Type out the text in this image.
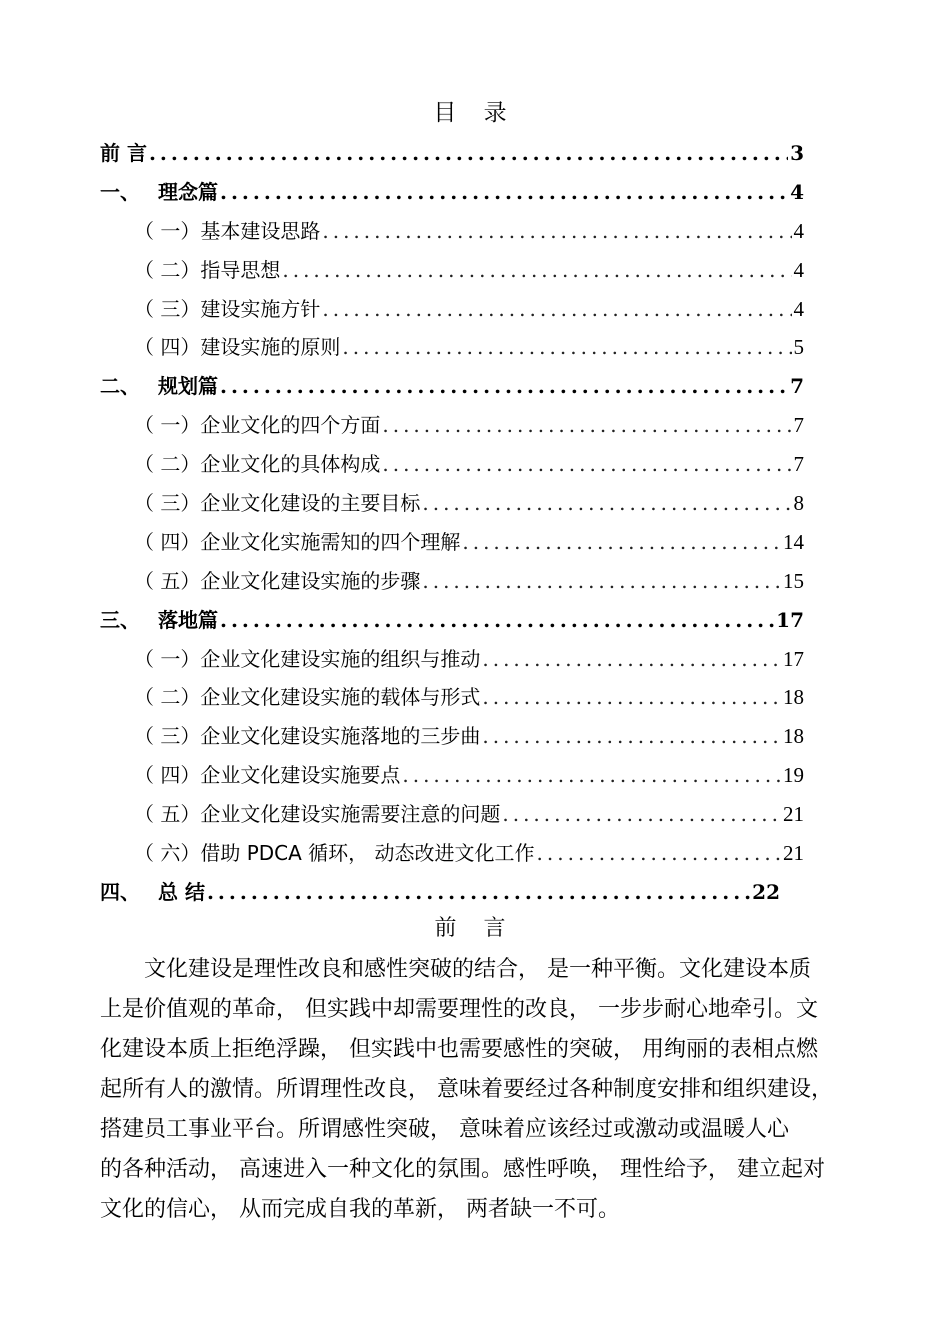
目 录
前 言 .....	3
一、 理念篇 .....	4
（ 一） 基本建设思路 .....	4
（ 二） 指导思想 .....	4
（ 三） 建设实施方针 .....	4
（ 四） 建设实施的原则 .....	5
二、 规划篇 .....	7
（ 一） 企业文化的四个方面 .....	7
（ 二） 企业文化的具体构成 .....	7
（ 三） 企业文化建设的主要目标 .....	8
（ 四） 企业文化实施需知的四个理解 .....	14
（ 五） 企业文化建设实施的步骤 .....	15
三、 落地篇 .....	17
（ 一） 企业文化建设实施的组织与推动 .....	17
（ 二） 企业文化建设实施的载体与形式 .....	18
（ 三） 企业文化建设实施落地的三步曲 .....	18
（ 四） 企业文化建设实施要点 .....	19
（ 五） 企业文化建设实施需要注意的问题 .....	21
（ 六） 借助 PDCA 循环， 动态改进文化工作 .....	21
四、 总 结 .....	22
前 言

　　文化建设是理性改良和感性突破的结合， 是一种平衡。文化建设本质

上是价值观的革命， 但实践中却需要理性的改良， 一步步耐心地牵引。文

化建设本质上拒绝浮躁， 但实践中也需要感性的突破， 用绚丽的表相点燃

起所有人的激情。所谓理性改良， 意味着要经过各种制度安排和组织建设，

搭建员工事业平台。所谓感性突破， 意味着应该经过或激动或温暖人心

的各种活动， 高速进入一种文化的氛围。感性呼唤， 理性给予， 建立起对

文化的信心， 从而完成自我的革新， 两者缺一不可。
